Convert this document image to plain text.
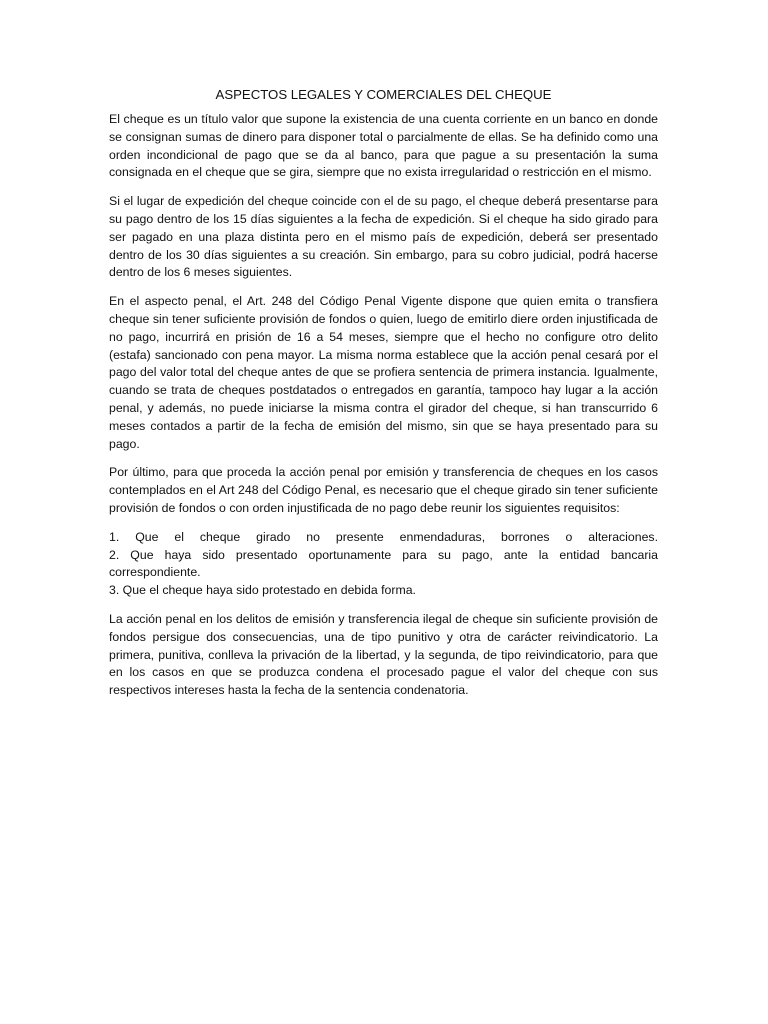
ASPECTOS LEGALES Y COMERCIALES DEL CHEQUE

El cheque es un título valor que supone la existencia de una cuenta corriente en un banco en donde se consignan sumas de dinero para disponer total o parcialmente de ellas. Se ha definido como una orden incondicional de pago que se da al banco, para que pague a su presentación la suma consignada en el cheque que se gira, siempre que no exista irregularidad o restricción en el mismo.

Si el lugar de expedición del cheque coincide con el de su pago, el cheque deberá presentarse para su pago dentro de los 15 días siguientes a la fecha de expedición. Si el cheque ha sido girado para ser pagado en una plaza distinta pero en el mismo país de expedición, deberá ser presentado dentro de los 30 días siguientes a su creación. Sin embargo, para su cobro judicial, podrá hacerse dentro de los 6 meses siguientes.

En el aspecto penal, el Art. 248 del Código Penal Vigente dispone que quien emita o transfiera cheque sin tener suficiente provisión de fondos o quien, luego de emitirlo diere orden injustificada de no pago, incurrirá en prisión de 16 a 54 meses, siempre que el hecho no configure otro delito (estafa) sancionado con pena mayor. La misma norma establece que la acción penal cesará por el pago del valor total del cheque antes de que se profiera sentencia de primera instancia. Igualmente, cuando se trata de cheques postdatados o entregados en garantía, tampoco hay lugar a la acción penal, y además, no puede iniciarse la misma contra el girador del cheque, si han transcurrido 6 meses contados a partir de la fecha de emisión del mismo, sin que se haya presentado para su pago.

Por último, para que proceda la acción penal por emisión y transferencia de cheques en los casos contemplados en el Art 248 del Código Penal, es necesario que el cheque girado sin tener suficiente provisión de fondos o con orden injustificada de no pago debe reunir los siguientes requisitos:

1. Que el cheque girado no presente enmendaduras, borrones o alteraciones.
2. Que haya sido presentado oportunamente para su pago, ante la entidad bancaria correspondiente.
3. Que el cheque haya sido protestado en debida forma.

La acción penal en los delitos de emisión y transferencia ilegal de cheque sin suficiente provisión de fondos persigue dos consecuencias, una de tipo punitivo y otra de carácter reivindicatorio. La primera, punitiva, conlleva la privación de la libertad, y la segunda, de tipo reivindicatorio, para que en los casos en que se produzca condena el procesado pague el valor del cheque con sus respectivos intereses hasta la fecha de la sentencia condenatoria.
